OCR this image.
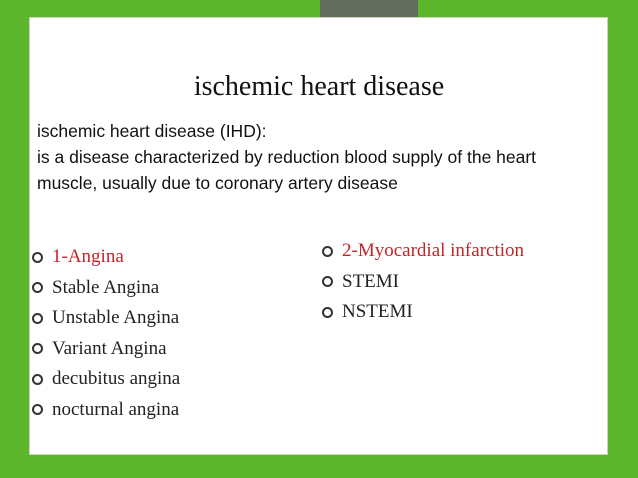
ischemic heart disease
ischemic heart disease (IHD):
is a disease characterized by reduction blood supply of the heart
muscle, usually due to coronary artery disease
1-Angina
Stable Angina
Unstable Angina
Variant Angina
decubitus angina
nocturnal angina
2-Myocardial infarction
STEMI
NSTEMI
